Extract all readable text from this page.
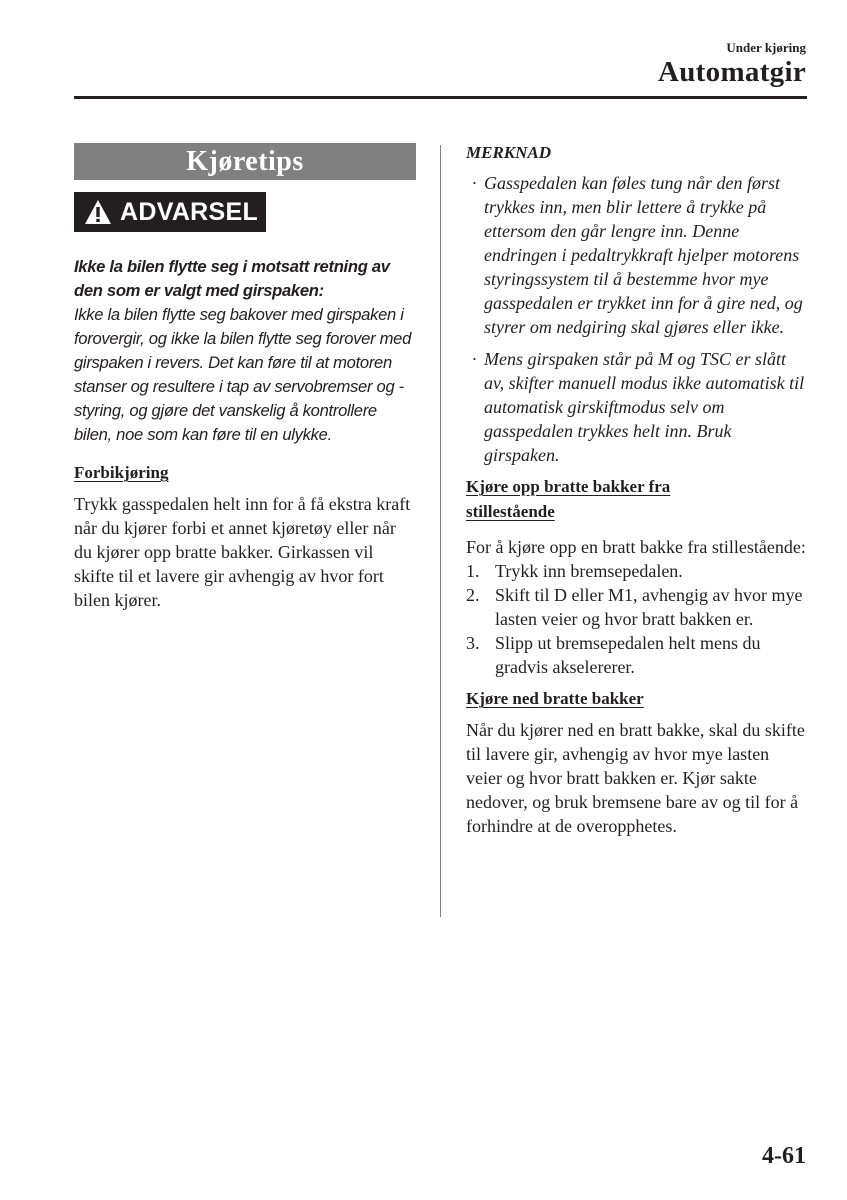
Under kjøring
Automatgir
Kjøretips
ADVARSEL
Ikke la bilen flytte seg i motsatt retning av den som er valgt med girspaken:
Ikke la bilen flytte seg bakover med girspaken i forovergir, og ikke la bilen flytte seg forover med girspaken i revers. Det kan føre til at motoren stanser og resultere i tap av servobremser og -styring, og gjøre det vanskelig å kontrollere bilen, noe som kan føre til en ulykke.
Forbikjøring
Trykk gasspedalen helt inn for å få ekstra kraft når du kjører forbi et annet kjøretøy eller når du kjører opp bratte bakker. Girkassen vil skifte til et lavere gir avhengig av hvor fort bilen kjører.
MERKNAD
· Gasspedalen kan føles tung når den først trykkes inn, men blir lettere å trykke på ettersom den går lengre inn. Denne endringen i pedaltrykkraft hjelper motorens styringssystem til å bestemme hvor mye gasspedalen er trykket inn for å gire ned, og styrer om nedgiring skal gjøres eller ikke.
· Mens girspaken står på M og TSC er slått av, skifter manuell modus ikke automatisk til automatisk girskiftmodus selv om gasspedalen trykkes helt inn. Bruk girspaken.
Kjøre opp bratte bakker fra
stillestående
For å kjøre opp en bratt bakke fra stillestående:
1. Trykk inn bremsepedalen.
2. Skift til D eller M1, avhengig av hvor mye lasten veier og hvor bratt bakken er.
3. Slipp ut bremsepedalen helt mens du gradvis akselererer.
Kjøre ned bratte bakker
Når du kjører ned en bratt bakke, skal du skifte til lavere gir, avhengig av hvor mye lasten veier og hvor bratt bakken er. Kjør sakte nedover, og bruk bremsene bare av og til for å forhindre at de overopphetes.
4-61
